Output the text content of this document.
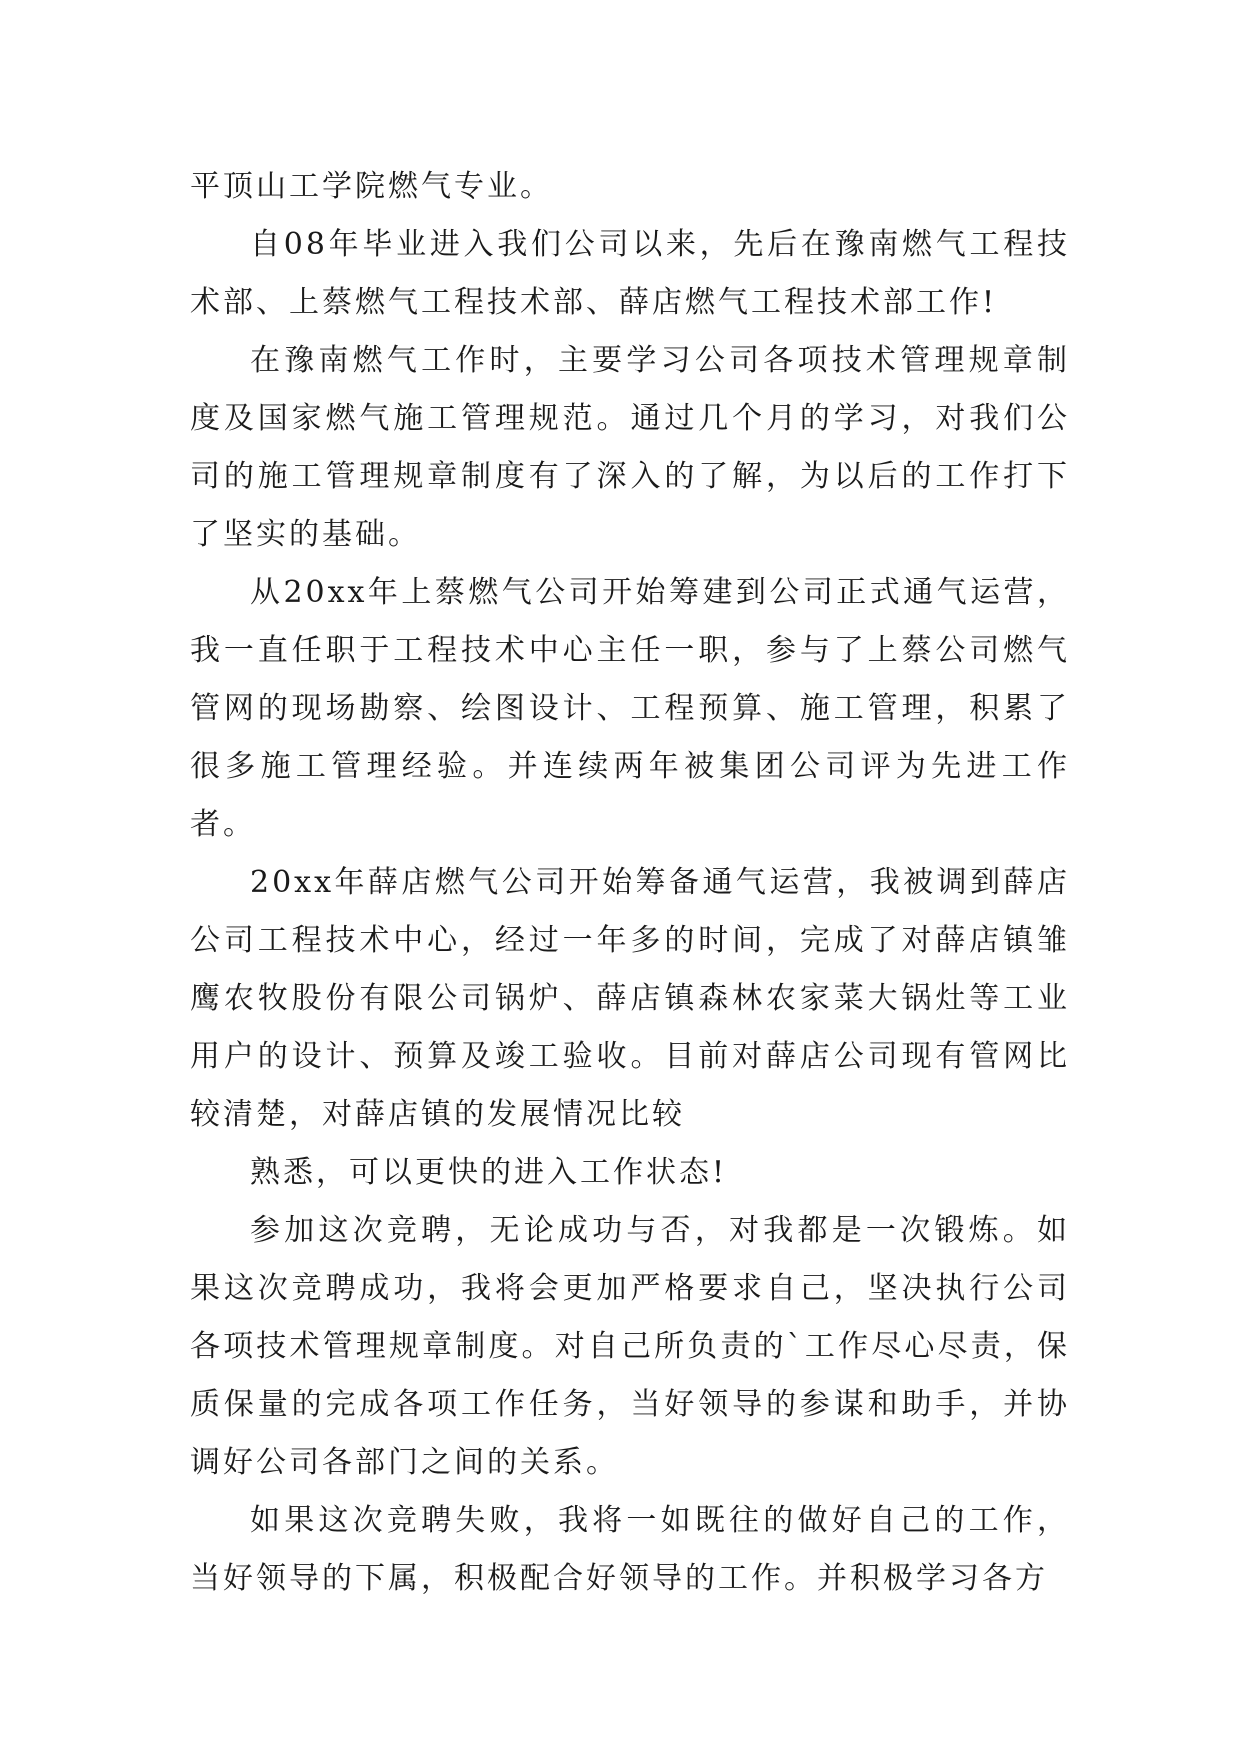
平顶山工学院燃气专业。

自08年毕业进入我们公司以来，先后在豫南燃气工程技术部、上蔡燃气工程技术部、薛店燃气工程技术部工作!

在豫南燃气工作时，主要学习公司各项技术管理规章制度及国家燃气施工管理规范。通过几个月的学习，对我们公司的施工管理规章制度有了深入的了解，为以后的工作打下了坚实的基础。

从20xx年上蔡燃气公司开始筹建到公司正式通气运营，我一直任职于工程技术中心主任一职，参与了上蔡公司燃气管网的现场勘察、绘图设计、工程预算、施工管理，积累了很多施工管理经验。并连续两年被集团公司评为先进工作者。

20xx年薛店燃气公司开始筹备通气运营，我被调到薛店公司工程技术中心，经过一年多的时间，完成了对薛店镇雏鹰农牧股份有限公司锅炉、薛店镇森林农家菜大锅灶等工业用户的设计、预算及竣工验收。目前对薛店公司现有管网比较清楚，对薛店镇的发展情况比较

熟悉，可以更快的进入工作状态!

参加这次竞聘，无论成功与否，对我都是一次锻炼。如果这次竞聘成功，我将会更加严格要求自己，坚决执行公司各项技术管理规章制度。对自己所负责的`工作尽心尽责，保质保量的完成各项工作任务，当好领导的参谋和助手，并协调好公司各部门之间的关系。

如果这次竞聘失败，我将一如既往的做好自己的工作，当好领导的下属，积极配合好领导的工作。并积极学习各方
